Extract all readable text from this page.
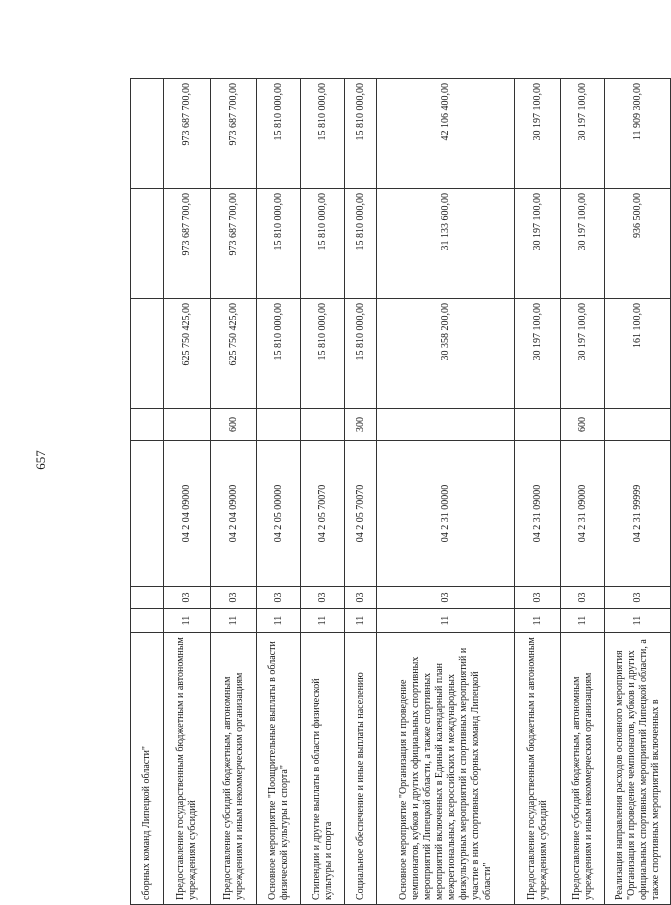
657
сборных команд Липецкой области"							
Предоставление государственным бюджетным и автономным учреждениям субсидий	11	03	04 2 04 09000		625 750 425,00	973 687 700,00	973 687 700,00
Предоставление субсидий бюджетным, автономным учреждениям и иным некоммерческим организациям	11	03	04 2 04 09000	600	625 750 425,00	973 687 700,00	973 687 700,00
Основное мероприятие "Поощрительные выплаты в области физической культуры и спорта"	11	03	04 2 05 00000		15 810 000,00	15 810 000,00	15 810 000,00
Стипендии и другие выплаты в области физической культуры и спорта	11	03	04 2 05 70070		15 810 000,00	15 810 000,00	15 810 000,00
Социальное обеспечение и иные выплаты населению	11	03	04 2 05 70070	300	15 810 000,00	15 810 000,00	15 810 000,00
Основное мероприятие "Организация и проведение чемпионатов, кубков и других официальных спортивных мероприятий Липецкой области, а также спортивных мероприятий включенных в Единый календарный план межрегиональных, всероссийских и международных физкультурных мероприятий и спортивных мероприятий и участие в них спортивных сборных команд Липецкой области"	11	03	04 2 31 00000		30 358 200,00	31 133 600,00	42 106 400,00
Предоставление государственным бюджетным и автономным учреждениям субсидий	11	03	04 2 31 09000		30 197 100,00	30 197 100,00	30 197 100,00
Предоставление субсидий бюджетным, автономным учреждениям и иным некоммерческим организациям	11	03	04 2 31 09000	600	30 197 100,00	30 197 100,00	30 197 100,00
Реализация направления расходов основного мероприятия "Организация и проведение чемпионатов, кубков и других официальных спортивных мероприятий Липецкой области, а также спортивных мероприятий включенных в	11	03	04 2 31 99999		161 100,00	936 500,00	11 909 300,00
